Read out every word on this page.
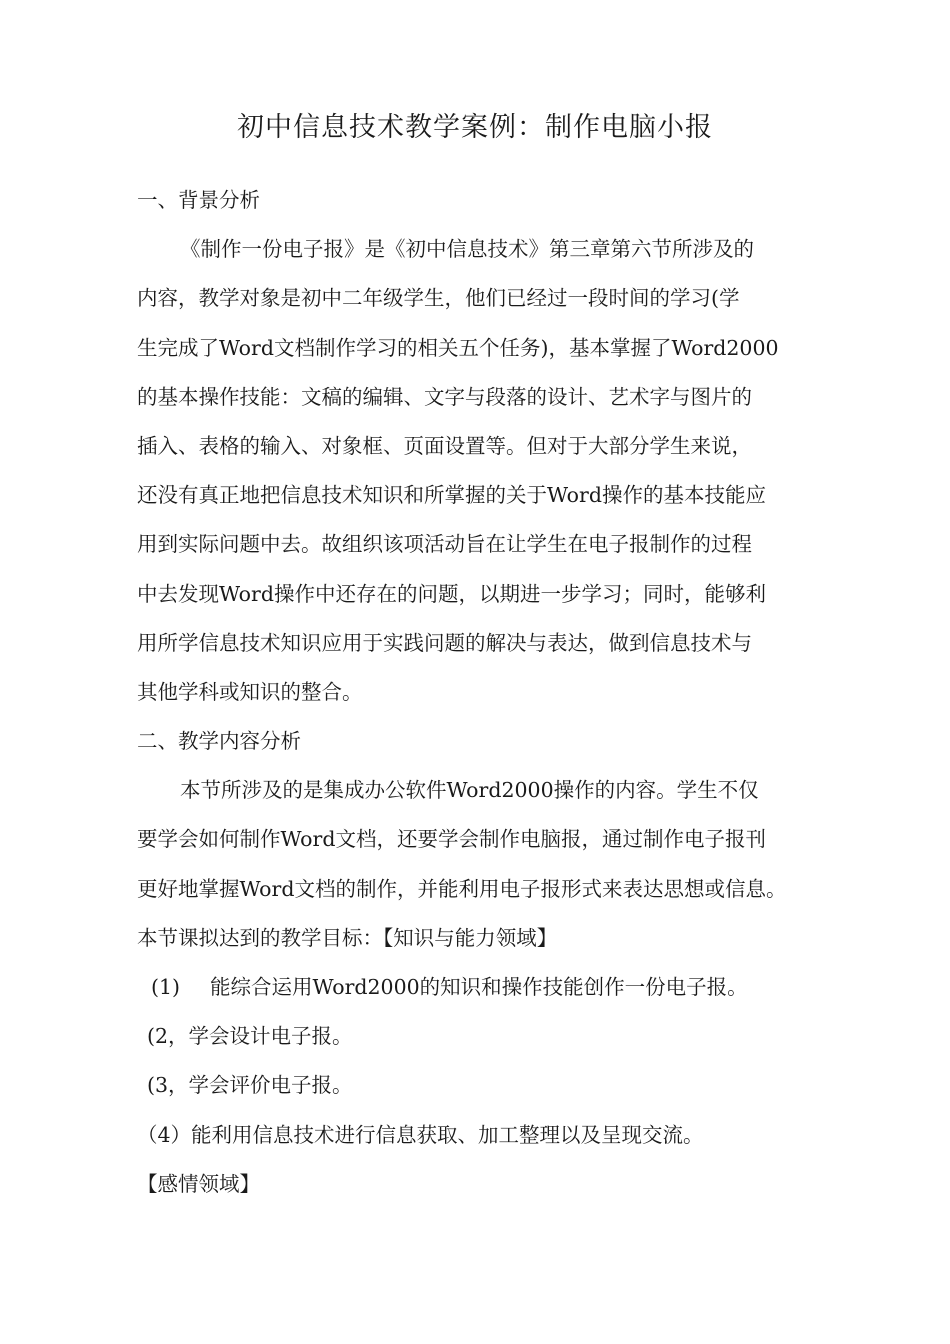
初中信息技术教学案例：制作电脑小报
一、背景分析
《制作一份电子报》是《初中信息技术》第三章第六节所涉及的
内容，教学对象是初中二年级学生，他们已经过一段时间的学习(学
生完成了Word文档制作学习的相关五个任务)，基本掌握了Word2000
的基本操作技能：文稿的编辑、文字与段落的设计、艺术字与图片的
插入、表格的输入、对象框、页面设置等。但对于大部分学生来说，
还没有真正地把信息技术知识和所掌握的关于Word操作的基本技能应
用到实际问题中去。故组织该项活动旨在让学生在电子报制作的过程
中去发现Word操作中还存在的问题，以期进一步学习；同时，能够利
用所学信息技术知识应用于实践问题的解决与表达，做到信息技术与
其他学科或知识的整合。
二、教学内容分析
本节所涉及的是集成办公软件Word2000操作的内容。学生不仅
要学会如何制作Word文档，还要学会制作电脑报，通过制作电子报刊
更好地掌握Word文档的制作，并能利用电子报形式来表达思想或信息。
本节课拟达到的教学目标：【知识与能力领域】
(1) 能综合运用Word2000的知识和操作技能创作一份电子报。
(2，学会设计电子报。
(3，学会评价电子报。
（4）能利用信息技术进行信息获取、加工整理以及呈现交流。
【感情领域】
